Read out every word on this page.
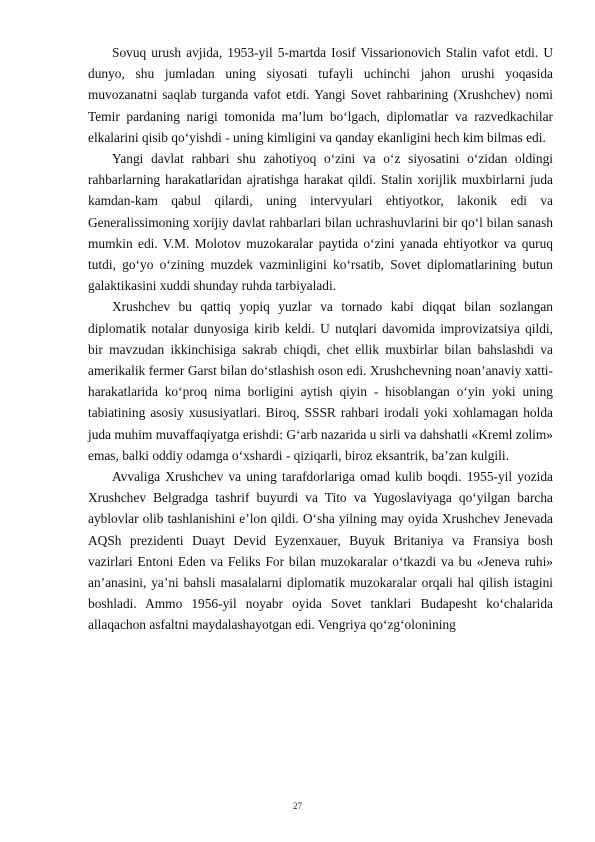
Sovuq urush avjida, 1953-yil 5-martda Iosif Vissarionovich Stalin vafot etdi. U dunyo, shu jumladan uning siyosati tufayli uchinchi jahon urushi yoqasida muvozanatni saqlab turganda vafot etdi. Yangi Sovet rahbarining (Xrushchev) nomi Temir pardaning narigi tomonida ma’lum bo‘lgach, diplomatlar va razvedkachilar elkalarini qisib qo‘yishdi - uning kimligini va qanday ekanligini hech kim bilmas edi.

Yangi davlat rahbari shu zahotiyoq o‘zini va o‘z siyosatini o‘zidan oldingi rahbarlarning harakatlaridan ajratishga harakat qildi. Stalin xorijlik muxbirlarni juda kamdan-kam qabul qilardi, uning intervyulari ehtiyotkor, lakonik edi va Generalissimoning xorijiy davlat rahbarlari bilan uchrashuvlarini bir qo‘l bilan sanash mumkin edi. V.M. Molotov muzokaralar paytida o‘zini yanada ehtiyotkor va quruq tutdi, go‘yo o‘zining muzdek vazminligini ko‘rsatib, Sovet diplomatlarining butun galaktikasini xuddi shunday ruhda tarbiyaladi.

Xrushchev bu qattiq yopiq yuzlar va tornado kabi diqqat bilan sozlangan diplomatik notalar dunyosiga kirib keldi. U nutqlari davomida improvizatsiya qildi, bir mavzudan ikkinchisiga sakrab chiqdi, chet ellik muxbirlar bilan bahslashdi va amerikalik fermer Garst bilan do‘stlashish oson edi. Xrushchevning noan’anaviy xatti-harakatlarida ko‘proq nima borligini aytish qiyin - hisoblangan o‘yin yoki uning tabiatining asosiy xususiyatlari. Biroq, SSSR rahbari irodali yoki xohlamagan holda juda muhim muvaffaqiyatga erishdi: G‘arb nazarida u sirli va dahshatli «Kreml zolim» emas, balki oddiy odamga o‘xshardi - qiziqarli, biroz eksantrik, ba’zan kulgili.

Avvaliga Xrushchev va uning tarafdorlariga omad kulib boqdi. 1955-yil yozida Xrushchev Belgradga tashrif buyurdi va Tito va Yugoslaviyaga qo‘yilgan barcha ayblovlar olib tashlanishini e’lon qildi. O‘sha yilning may oyida Xrushchev Jenevada AQSh prezidenti Duayt Devid Eyzenxauer, Buyuk Britaniya va Fransiya bosh vazirlari Entoni Eden va Feliks For bilan muzokaralar o‘tkazdi va bu «Jeneva ruhi» an’anasini, ya’ni bahsli masalalarni diplomatik muzokaralar orqali hal qilish istagini boshladi. Ammo 1956-yil noyabr oyida Sovet tanklari Budapesht ko‘chalarida allaqachon asfaltni maydalashayotgan edi. Vengriya qo‘zg‘olonining

27
